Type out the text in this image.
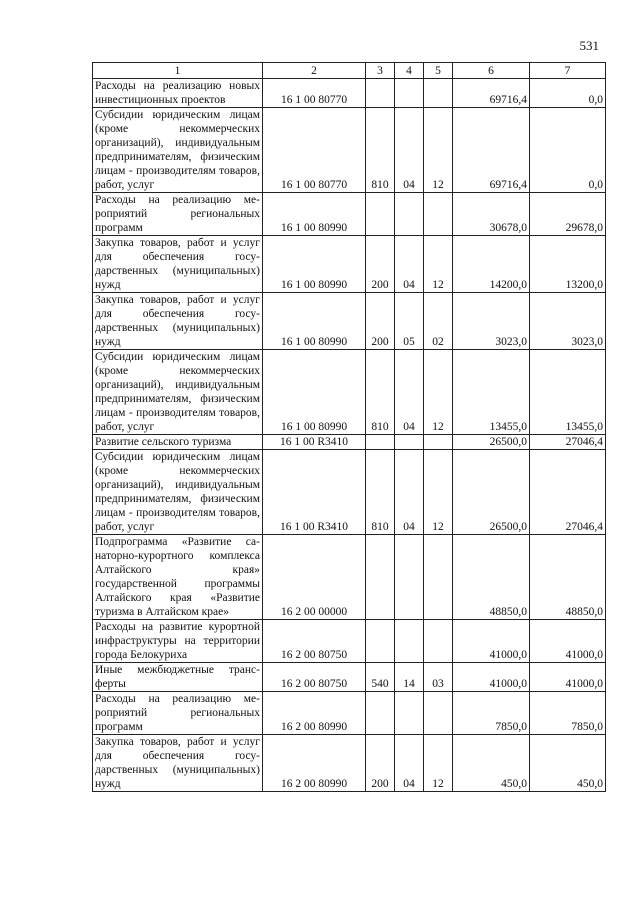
531
1	2	3	4	5	6	7
Расходы на реализацию новых инвестиционных проектов	16 1 00 80770				69716,4	0,0
Субсидии юридическим лицам (кроме некоммерческих организаций), индивидуальным предпринимателям, физическим лицам - производителям товаров, работ, услуг	16 1 00 80770	810	04	12	69716,4	0,0
Расходы на реализацию мероприятий региональных программ	16 1 00 80990				30678,0	29678,0
Закупка товаров, работ и услуг для обеспечения государственных (муниципальных) нужд	16 1 00 80990	200	04	12	14200,0	13200,0
Закупка товаров, работ и услуг для обеспечения государственных (муниципальных) нужд	16 1 00 80990	200	05	02	3023,0	3023,0
Субсидии юридическим лицам (кроме некоммерческих организаций), индивидуальным предпринимателям, физическим лицам - производителям товаров, работ, услуг	16 1 00 80990	810	04	12	13455,0	13455,0
Развитие сельского туризма	16 1 00 R3410				26500,0	27046,4
Субсидии юридическим лицам (кроме некоммерческих организаций), индивидуальным предпринимателям, физическим лицам - производителям товаров, работ, услуг	16 1 00 R3410	810	04	12	26500,0	27046,4
Подпрограмма «Развитие санаторно-курортного комплекса Алтайского края» государственной программы Алтайского края «Развитие туризма в Алтайском крае»	16 2 00 00000				48850,0	48850,0
Расходы на развитие курортной инфраструктуры на территории города Белокуриха	16 2 00 80750				41000,0	41000,0
Иные межбюджетные трансферты	16 2 00 80750	540	14	03	41000,0	41000,0
Расходы на реализацию мероприятий региональных программ	16 2 00 80990				7850,0	7850,0
Закупка товаров, работ и услуг для обеспечения государственных (муниципальных) нужд	16 2 00 80990	200	04	12	450,0	450,0
